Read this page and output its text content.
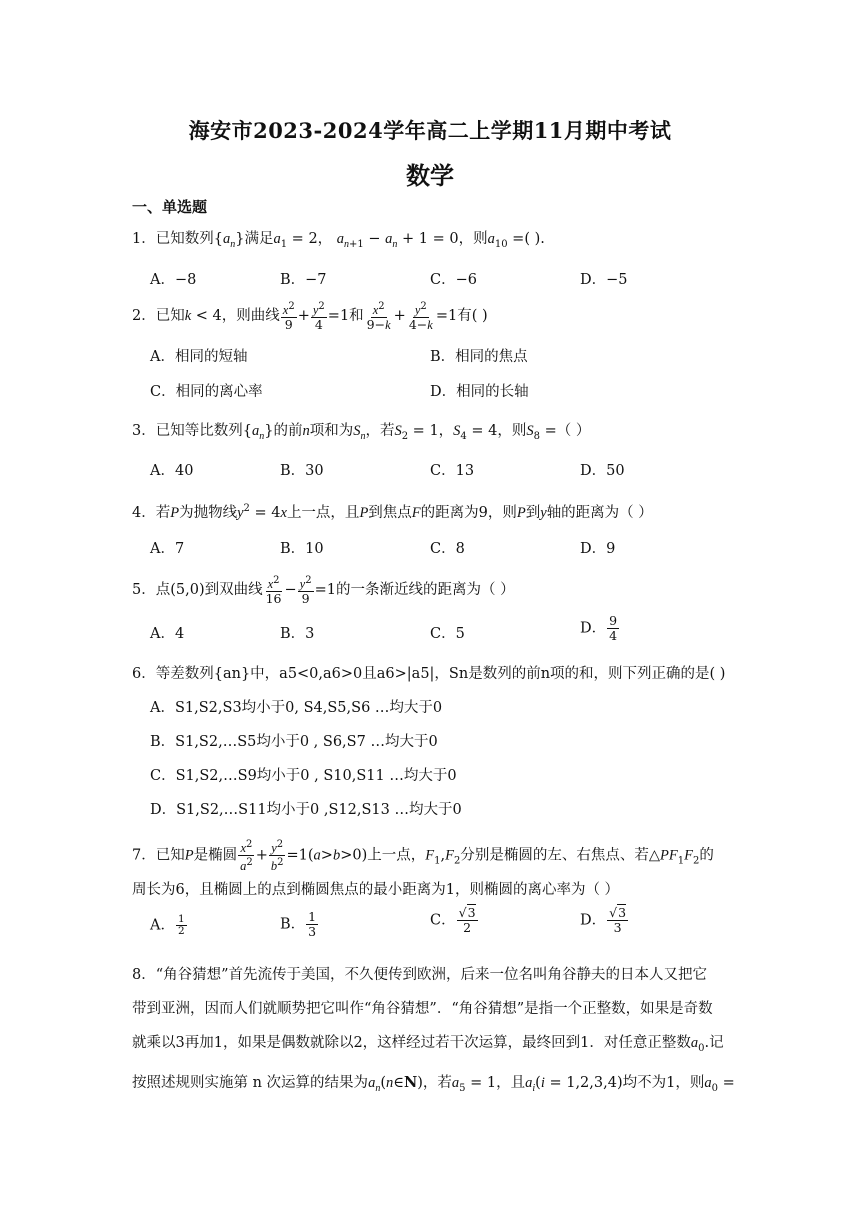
海安市2023-2024学年高二上学期11月期中考试
数学
一、单选题
1．已知数列$\{a_n\}$满足$a_1 = 2$， $a_{n+1} - a_n + 1 = 0$，则$a_{10}$ =( ).
A．−8	B．−7	C．−6	D．−5
2．已知k < 4，则曲线 $\frac{x^2}{9} + \frac{y^2}{4} =1$和 $\frac{x^2}{9-k} + \frac{y^2}{4-k} =1$有( )
A．相同的短轴	B．相同的焦点
C．相同的离心率	D．相同的长轴
3．已知等比数列$\{a_n\}$的前n项和为$S_n$，若$S_2 = 1$，$S_4 = 4$，则$S_8$ =（ ）
A．40	B．30	C．13	D．50
4．若P为抛物线$y^2 = 4x$上一点，且P到焦点F的距离为9，则P到y轴的距离为（ ）
A．7	B．10	C．8	D．9
5．点(5,0)到双曲线 $\frac{x^2}{16} - \frac{y^2}{9} =1$的一条渐近线的距离为（ ）
A．4	B．3	C．5	D． $\frac{9}{4}$
6．等差数列{an}中，a5<0,a6>0且a6>|a5|，Sn是数列的前n项的和，则下列正确的是( )
A．S1,S2,S3均小于0, S4,S5,S6 …均大于0
B．S1,S2,…S5均小于0 , S6,S7 …均大于0
C．S1,S2,…S9均小于0 , S10,S11 …均大于0
D．S1,S2,…S11均小于0 ,S12,S13 …均大于0
7．已知P是椭圆 $\frac{x^2}{a^2} + \frac{y^2}{b^2} =1(a>b>0)$上一点，$F_1,F_2$分别是椭圆的左、右焦点、若$\triangle PF_1F_2$的
周长为6，且椭圆上的点到椭圆焦点的最小距离为1，则椭圆的离心率为（ ）
A． $\frac{1}{2}$	B． $\frac{1}{3}$	C． $\frac{√3}{2}$	D． $\frac{√3}{3}$
8．“角谷猜想”首先流传于美国，不久便传到欧洲，后来一位名叫角谷静夫的日本人又把它
带到亚洲，因而人们就顺势把它叫作“角谷猜想”．“角谷猜想”是指一个正整数，如果是奇数
就乘以3再加1，如果是偶数就除以2，这样经过若干次运算，最终回到1．对任意正整数$a_0$.记
按照述规则实施第 n 次运算的结果为$a_n(n\in N)$，若$a_5 = 1$，且$a_i(i = 1,2,3,4)$均不为1，则$a_0$ =
